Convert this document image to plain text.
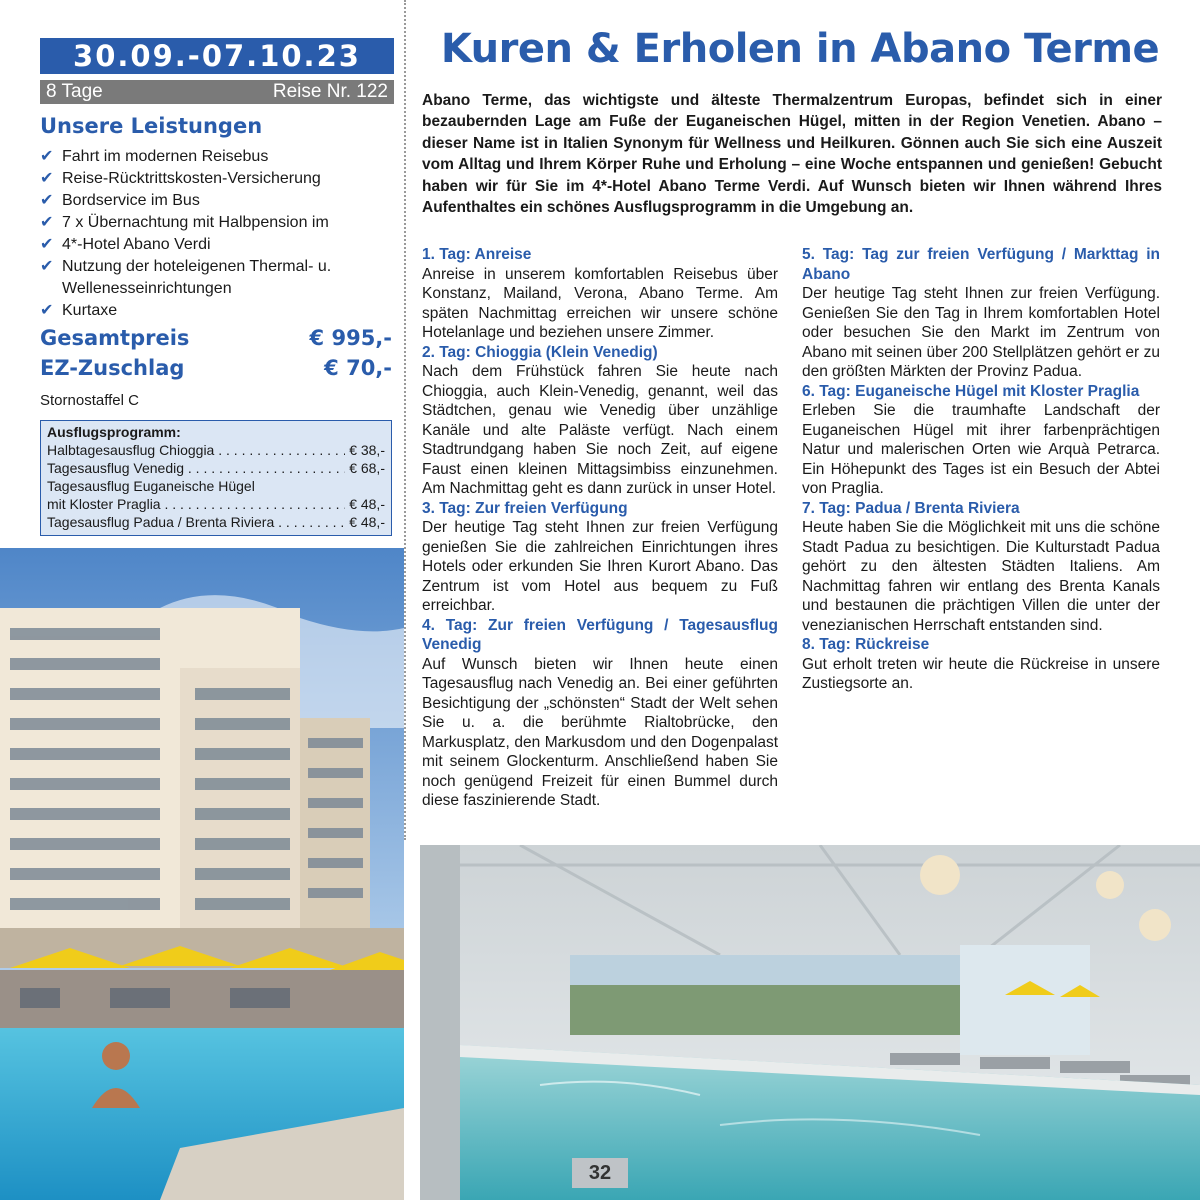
30.09.-07.10.23
8 Tage	Reise Nr. 122
Unsere Leistungen
✔ Fahrt im modernen Reisebus
✔ Reise-Rücktrittskosten-Versicherung
✔ Bordservice im Bus
✔ 7 x Übernachtung mit Halbpension im
✔ 4*-Hotel Abano Verdi
✔ Nutzung der hoteleigenen Thermal- u. Wellenesseinrichtungen
✔ Kurtaxe
Gesamtpreis	€ 995,-
EZ-Zuschlag	€ 70,-
Stornostaffel C
Ausflugsprogramm:
Halbtagesausflug Chioggia . . .	€ 38,-
Tagesausflug Venedig . . .	€ 68,-
Tagesausflug Euganeische Hügel
mit Kloster Praglia . . .	€ 48,-
Tagesausflug Padua / Brenta Riviera . . .	€ 48,-
Kuren & Erholen in Abano Terme
Abano Terme, das wichtigste und älteste Thermalzentrum Europas, befindet sich in einer bezaubernden Lage am Fuße der Euganeischen Hügel, mitten in der Region Venetien. Abano – dieser Name ist in Italien Synonym für Wellness und Heilkuren. Gönnen auch Sie sich eine Auszeit vom Alltag und Ihrem Körper Ruhe und Erholung – eine Woche entspannen und genießen! Gebucht haben wir für Sie im 4*-Hotel Abano Terme Verdi. Auf Wunsch bieten wir Ihnen während Ihres Aufenthaltes ein schönes Ausflugsprogramm in die Umgebung an.
1. Tag: Anreise
Anreise in unserem komfortablen Reisebus über Konstanz, Mailand, Verona, Abano Terme. Am späten Nachmittag erreichen wir unsere schöne Hotelanlage und beziehen unsere Zimmer.
2. Tag: Chioggia (Klein Venedig)
Nach dem Frühstück fahren Sie heute nach Chioggia, auch Klein-Venedig, genannt, weil das Städtchen, genau wie Venedig über unzählige Kanäle und alte Paläste verfügt. Nach einem Stadtrundgang haben Sie noch Zeit, auf eigene Faust einen kleinen Mittagsimbiss einzunehmen. Am Nachmittag geht es dann zurück in unser Hotel.
3. Tag: Zur freien Verfügung
Der heutige Tag steht Ihnen zur freien Verfügung genießen Sie die zahlreichen Einrichtungen ihres Hotels oder erkunden Sie Ihren Kurort Abano. Das Zentrum ist vom Hotel aus bequem zu Fuß erreichbar.
4. Tag: Zur freien Verfügung / Tagesausflug Venedig
Auf Wunsch bieten wir Ihnen heute einen Tagesausflug nach Venedig an. Bei einer geführten Besichtigung der „schönsten“ Stadt der Welt sehen Sie u. a. die berühmte Rialtobrücke, den Markusplatz, den Markusdom und den Dogenpalast mit seinem Glockenturm. Anschließend haben Sie noch genügend Freizeit für einen Bummel durch diese faszinierende Stadt.
5. Tag: Tag zur freien Verfügung / Markttag in Abano
Der heutige Tag steht Ihnen zur freien Verfügung. Genießen Sie den Tag in Ihrem komfortablen Hotel oder besuchen Sie den Markt im Zentrum von Abano mit seinen über 200 Stellplätzen gehört er zu den größten Märkten der Provinz Padua.
6. Tag: Euganeische Hügel mit Kloster Praglia
Erleben Sie die traumhafte Landschaft der Euganeischen Hügel mit ihrer farbenprächtigen Natur und malerischen Orten wie Arquà Petrarca. Ein Höhepunkt des Tages ist ein Besuch der Abtei von Praglia.
7. Tag: Padua / Brenta Riviera
Heute haben Sie die Möglichkeit mit uns die schöne Stadt Padua zu besichtigen. Die Kulturstadt Padua gehört zu den ältesten Städten Italiens. Am Nachmittag fahren wir entlang des Brenta Kanals und bestaunen die prächtigen Villen die unter der venezianischen Herrschaft entstanden sind.
8. Tag: Rückreise
Gut erholt treten wir heute die Rückreise in unsere Zustiegsorte an.
32
